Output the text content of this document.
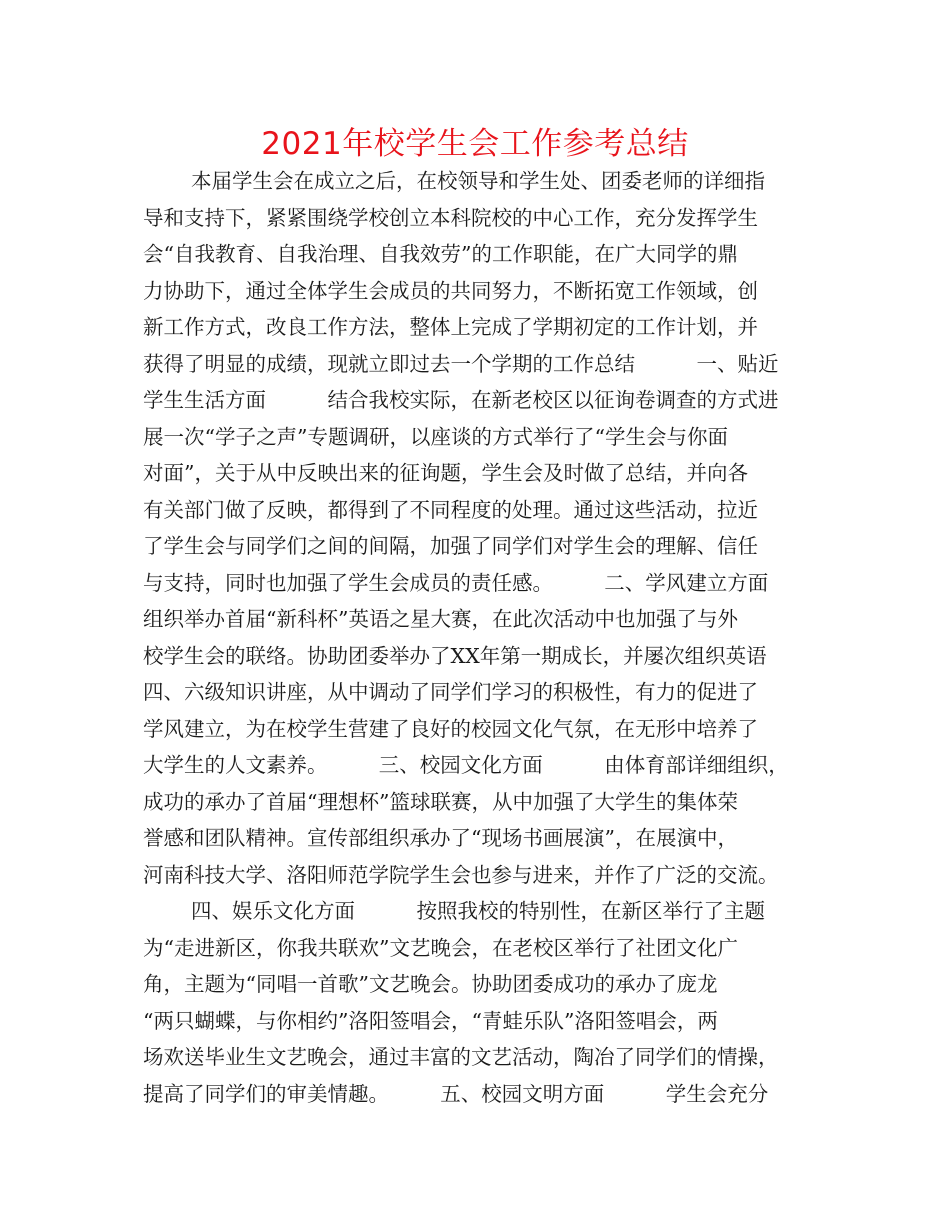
2021年校学生会工作参考总结
本届学生会在成立之后，在校领导和学生处、团委老师的详细指
导和支持下，紧紧围绕学校创立本科院校的中心工作，充分发挥学生
会“自我教育、自我治理、自我效劳”的工作职能，在广大同学的鼎
力协助下，通过全体学生会成员的共同努力，不断拓宽工作领域，创
新工作方式，改良工作方法，整体上完成了学期初定的工作计划，并
获得了明显的成绩，现就立即过去一个学期的工作总结　　　一、贴近
学生生活方面　　　结合我校实际，在新老校区以征询卷调查的方式进
展一次“学子之声”专题调研，以座谈的方式举行了“学生会与你面
对面”，关于从中反映出来的征询题，学生会及时做了总结，并向各
有关部门做了反映，都得到了不同程度的处理。通过这些活动，拉近
了学生会与同学们之间的间隔，加强了同学们对学生会的理解、信任
与支持，同时也加强了学生会成员的责任感。　　　二、学风建立方面
组织举办首届“新科杯”英语之星大赛，在此次活动中也加强了与外
校学生会的联络。协助团委举办了XX年第一期成长，并屡次组织英语
四、六级知识讲座，从中调动了同学们学习的积极性，有力的促进了
学风建立，为在校学生营建了良好的校园文化气氛，在无形中培养了
大学生的人文素养。　　　三、校园文化方面　　　由体育部详细组织，
成功的承办了首届“理想杯”篮球联赛，从中加强了大学生的集体荣
誉感和团队精神。宣传部组织承办了“现场书画展演”，在展演中，
河南科技大学、洛阳师范学院学生会也参与进来，并作了广泛的交流。
四、娱乐文化方面　　　按照我校的特别性，在新区举行了主题
为“走进新区，你我共联欢”文艺晚会，在老校区举行了社团文化广
角，主题为“同唱一首歌”文艺晚会。协助团委成功的承办了庞龙
“两只蝴蝶，与你相约”洛阳签唱会，“青蛙乐队”洛阳签唱会，两
场欢送毕业生文艺晚会，通过丰富的文艺活动，陶冶了同学们的情操，
提高了同学们的审美情趣。　　　五、校园文明方面　　　学生会充分
